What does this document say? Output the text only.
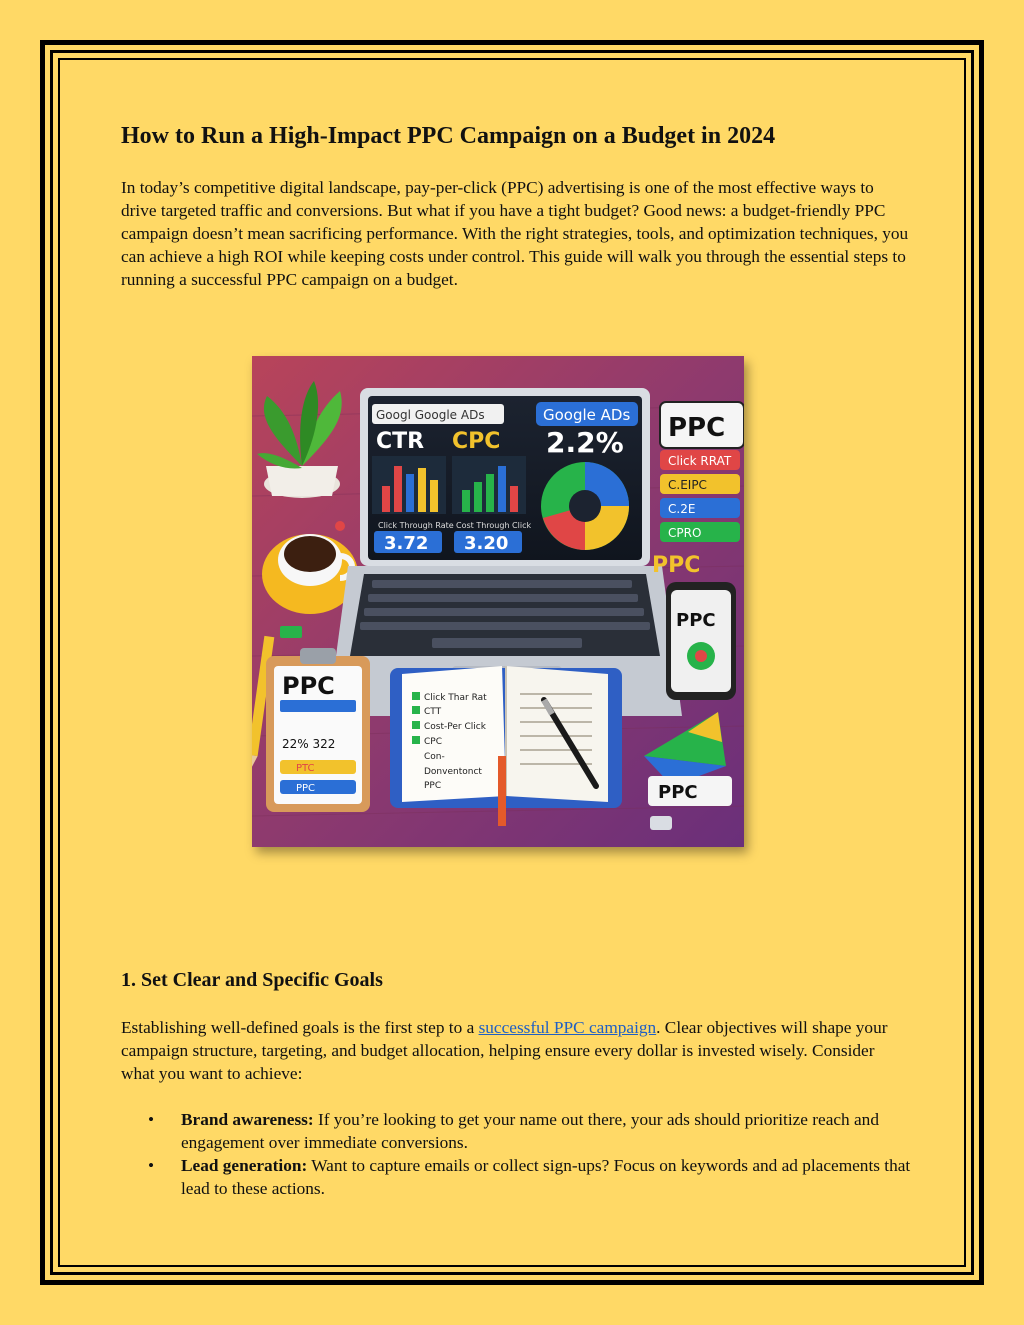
How to Run a High-Impact PPC Campaign on a Budget in 2024

In today’s competitive digital landscape, pay-per-click (PPC) advertising is one of the most effective ways to drive targeted traffic and conversions. But what if you have a tight budget? Good news: a budget-friendly PPC campaign doesn’t mean sacrificing performance. With the right strategies, tools, and optimization techniques, you can achieve a high ROI while keeping costs under control. This guide will walk you through the essential steps to running a successful PPC campaign on a budget.

1. Set Clear and Specific Goals

Establishing well-defined goals is the first step to a successful PPC campaign. Clear objectives will shape your campaign structure, targeting, and budget allocation, helping ensure every dollar is invested wisely. Consider what you want to achieve:

• Brand awareness: If you’re looking to get your name out there, your ads should prioritize reach and engagement over immediate conversions.
• Lead generation: Want to capture emails or collect sign-ups? Focus on keywords and ad placements that lead to these actions.
Googl Google ADs	Google ADs
CTR CPC 2.2%
Click Through Rate Cost Through Click
3.72 3.20
PPC
Click RRAT
C.EIPC
C.2E
CPRO
PPC
PPC
PPC
22% 322
PTC
PPC
Click Thar Rat
CTT
Cost-Per Click
CPC
Con-
Donventonct
PPC	PPC
